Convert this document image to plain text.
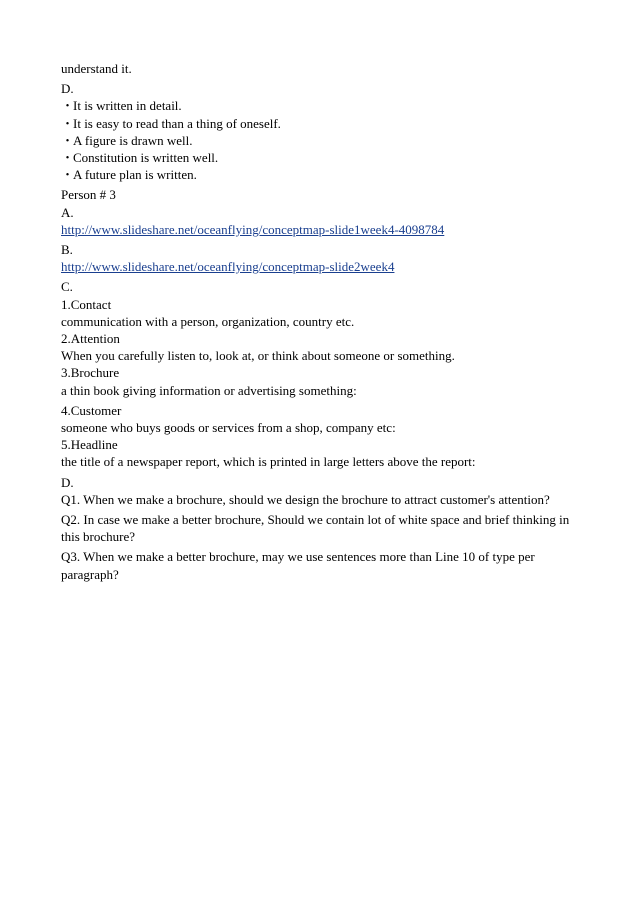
understand it.
D.
・
It is written in detail.
・
It is easy to read than a thing of oneself.
・
A figure is drawn well.
・
Constitution is written well.
・
A future plan is written.
Person # 3
A.
http://www.slideshare.net/oceanflying/conceptmap-slide1week4-4098784
B.
http://www.slideshare.net/oceanflying/conceptmap-slide2week4
C.
1.Contact
communication with a person, organization, country etc.
2.Attention
When you carefully listen to, look at, or think about someone or something.
3.Brochure
a thin book giving information or advertising something:
4.Customer
someone who buys goods or services from a shop, company etc:
5.Headline
the title of a newspaper report, which is printed in large letters above the report:
D.
Q1. When we make a brochure, should we design the brochure to attract customer's attention?
Q2. In case we make a better brochure, Should we contain lot of white space and brief thinking in this brochure?
Q3. When we make a better brochure, may we use sentences more than Line 10 of type per paragraph?
